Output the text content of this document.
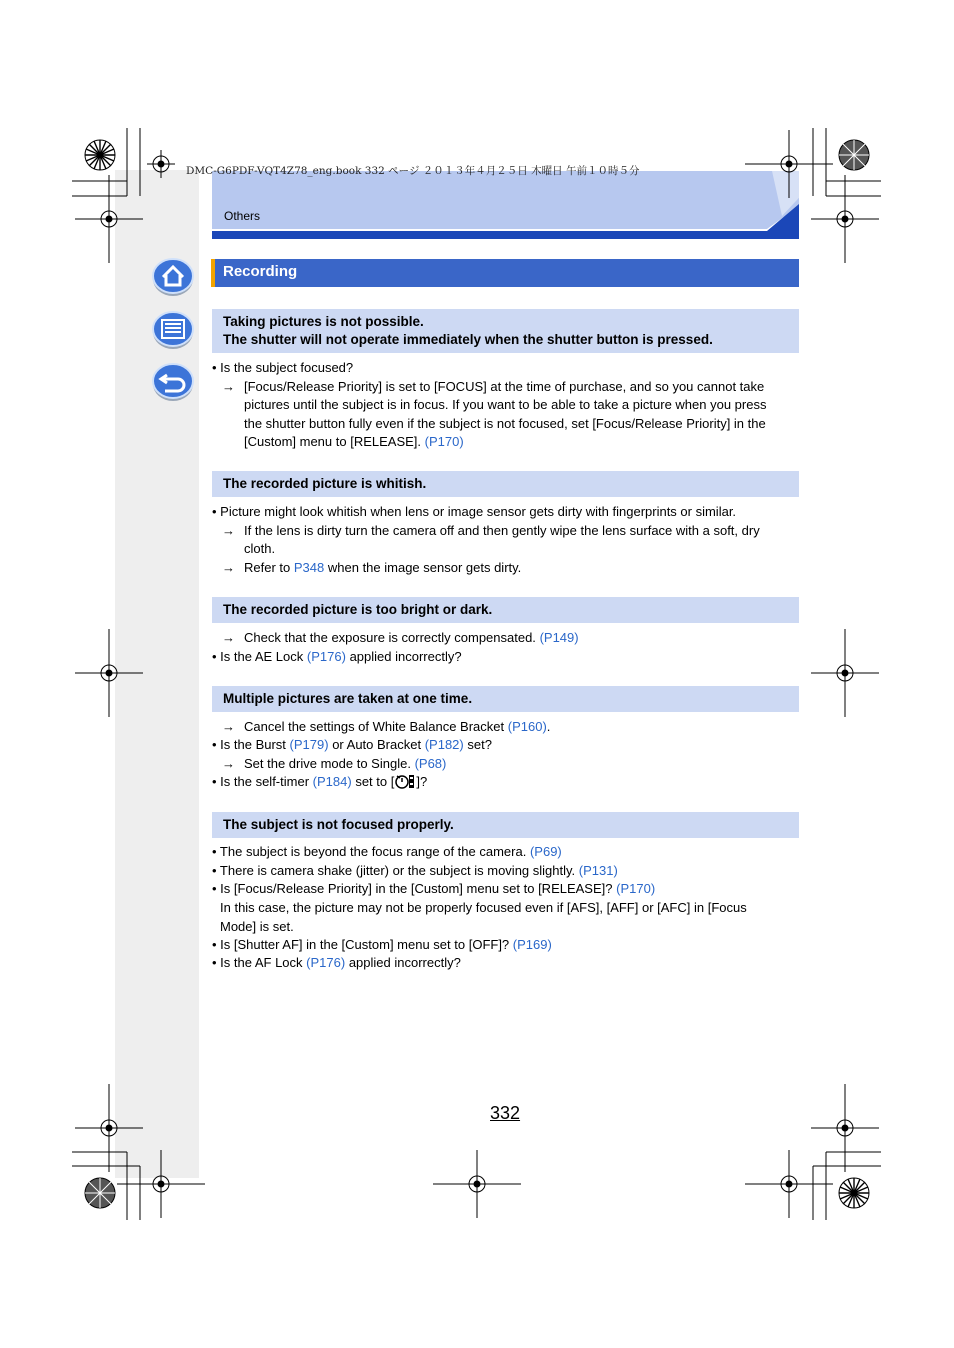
DMC-G6PDF-VQT4Z78_eng.book 332 ページ ２０１３年４月２５日 木曜日 午前１０時５分
Others
Recording
Taking pictures is not possible.
The shutter will not operate immediately when the shutter button is pressed.
• Is the subject focused?
→ [Focus/Release Priority] is set to [FOCUS] at the time of purchase, and so you cannot take
pictures until the subject is in focus. If you want to be able to take a picture when you press
the shutter button fully even if the subject is not focused, set [Focus/Release Priority] in the
[Custom] menu to [RELEASE]. (P170)
The recorded picture is whitish.
• Picture might look whitish when lens or image sensor gets dirty with fingerprints or similar.
→ If the lens is dirty turn the camera off and then gently wipe the lens surface with a soft, dry
cloth.
→ Refer to P348 when the image sensor gets dirty.
The recorded picture is too bright or dark.
→ Check that the exposure is correctly compensated. (P149)
• Is the AE Lock (P176) applied incorrectly?
Multiple pictures are taken at one time.
→ Cancel the settings of White Balance Bracket (P160).
• Is the Burst (P179) or Auto Bracket (P182) set?
→ Set the drive mode to Single. (P68)
• Is the self-timer (P184) set to [ ]?
The subject is not focused properly.
• The subject is beyond the focus range of the camera. (P69)
• There is camera shake (jitter) or the subject is moving slightly. (P131)
• Is [Focus/Release Priority] in the [Custom] menu set to [RELEASE]? (P170)
In this case, the picture may not be properly focused even if [AFS], [AFF] or [AFC] in [Focus
Mode] is set.
• Is [Shutter AF] in the [Custom] menu set to [OFF]? (P169)
• Is the AF Lock (P176) applied incorrectly?
332
